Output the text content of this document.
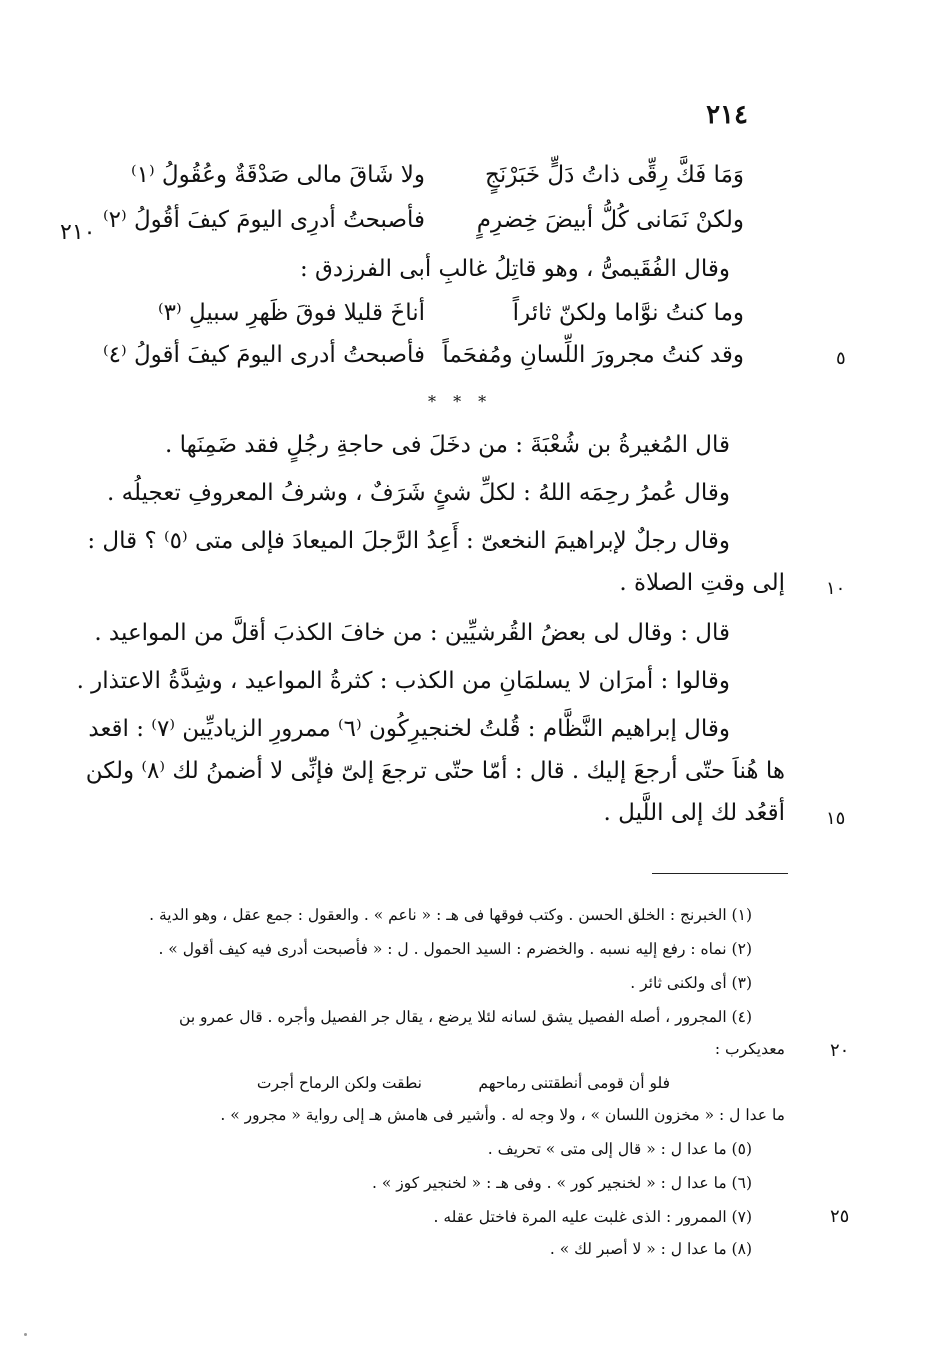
٢١٤
وَمَا فَكَّ رِقِّى ذاتُ دَلٍّ خَبَرْنَجٍ
ولا شَاقَ مالى صَدْقَةٌ وعُقُولُ ⁽١⁾
ولكنْ نَمَانى كُلُّ أبيضَ خِضرِمٍ
فأصبحتُ أدرِى اليومَ كيفَ أقُولُ ⁽٢⁾
٢١٠
وقال الفُقَيمىُّ ، وهو قاتِلُ غالبِ أبى الفرزدق :
وما كنتُ نوَّاما ولكنّ ثائراً
أناخَ قليلا فوقَ ظَهرِ سبيلِ ⁽٣⁾
وقد كنتُ مجرورَ اللِّسانِ ومُفحَماً
فأصبحتُ أدرى اليومَ كيفَ أقولُ ⁽٤⁾	٥
* * *
قال المُغيرةُ بن شُعْبَةَ : من دخَلَ فى حاجةِ رجُلٍ فقد ضَمِنَها .
وقال عُمرُ رحِمَه اللهُ : لكلِّ شئٍ شَرَفٌ ، وشرفُ المعروفِ تعجيلُه .
وقال رجلٌ لإبراهيمَ النخعىّ : أَعِدُ الرَّجلَ الميعادَ فإلى متى ⁽٥⁾ ؟ قال :
إلى وقتِ الصلاة . ١٠
قال : وقال لى بعضُ القُرشيِّين : من خافَ الكذبَ أقلَّ من المواعيد .
وقالوا : أمرَان لا يسلمَانِ من الكذب : كثرةُ المواعيد ، وشِدَّةُ الاعتذار .
وقال إبراهيم النَّظَّام : قُلتُ لخنجيرِكُون ⁽٦⁾ ممرورِ الزياديِّين ⁽٧⁾ : اقعد
ها هُناَ حتّى أرجعَ إليك . قال : أمّا حتّى ترجعَ إلىّ فإنِّى لا أضمنُ لك ⁽٨⁾ ولكن
أقعُد لك إلى اللَّيل . ١٥
(١) الخبرنج : الخلق الحسن . وكتب فوقها فى هـ : « ناعم » . والعقول : جمع عقل ، وهو الدية .
(٢) نماه : رفع إليه نسبه . والخضرم : السيد الحمول . ل : « فأصبحت أدرى فيه كيف أقول » .
(٣) أى ولكنى ثائر .
(٤) المجرور ، أصله الفصيل يشق لسانه لئلا يرضع ، يقال جر الفصيل وأجره . قال عمرو بن
معديكرب :	٢٠
فلو أن قومى أنطقتنى رماحهم
نطقت ولكن الرماح أجرت
ما عدا ل : « مخزون اللسان » ، ولا وجه له . وأشير فى هامش هـ إلى رواية « مجرور » .
(٥) ما عدا ل : « قال إلى متى » تحريف .
(٦) ما عدا ل : « لخنجير كور » . وفى هـ : « لخنجير كوز » .
(٧) الممرور : الذى غلبت عليه المرة فاختل عقله .	٢٥
(٨) ما عدا ل : « لا أصبر لك » .
